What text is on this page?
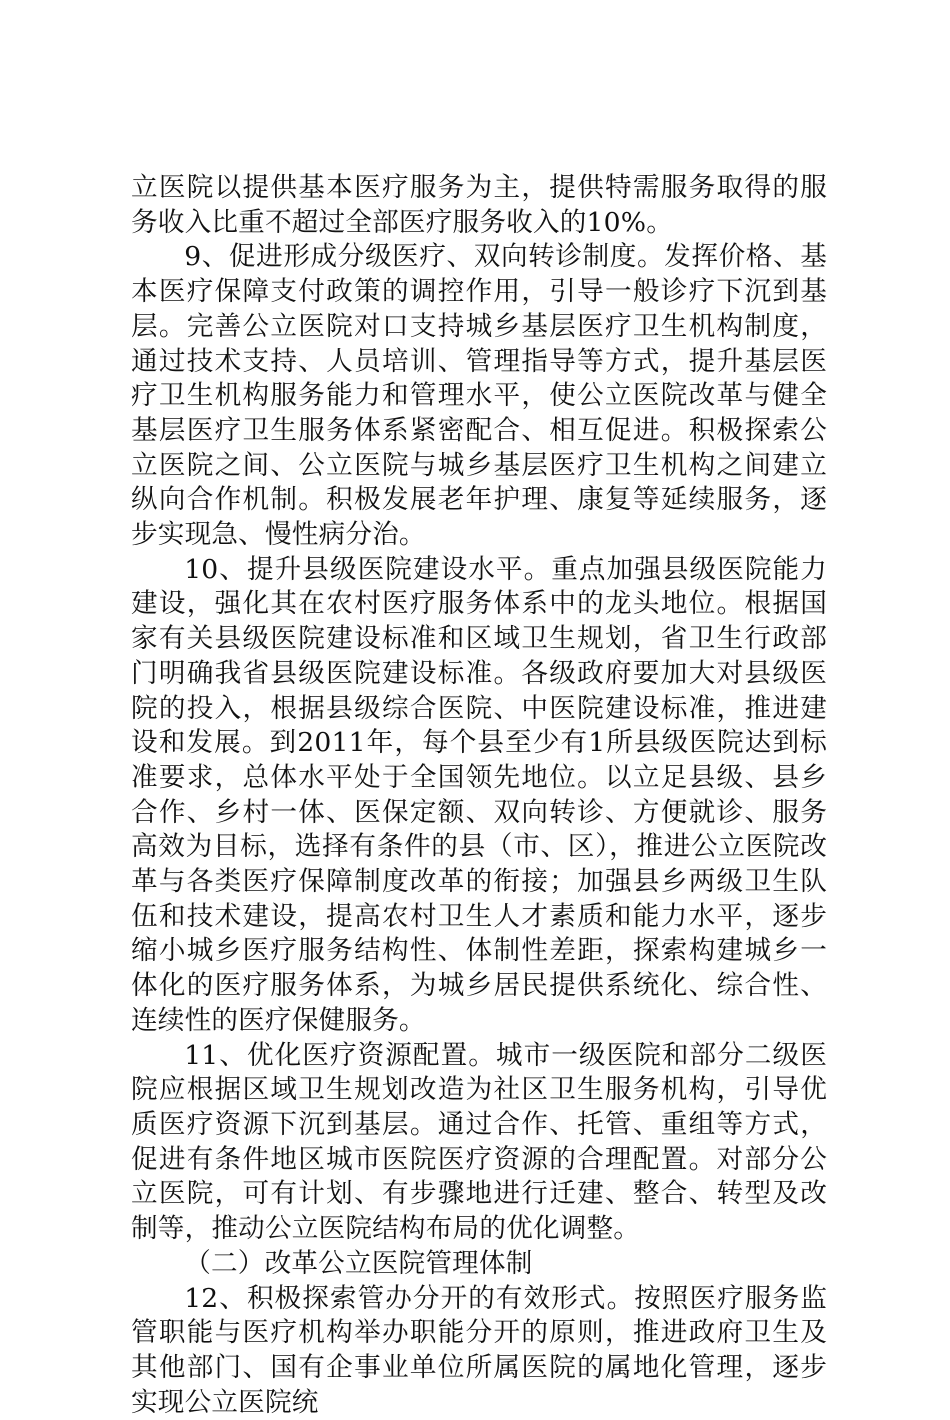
立医院以提供基本医疗服务为主，提供特需服务取得的服务收入比重不超过全部医疗服务收入的10%。

9、促进形成分级医疗、双向转诊制度。发挥价格、基本医疗保障支付政策的调控作用，引导一般诊疗下沉到基层。完善公立医院对口支持城乡基层医疗卫生机构制度，通过技术支持、人员培训、管理指导等方式，提升基层医疗卫生机构服务能力和管理水平，使公立医院改革与健全基层医疗卫生服务体系紧密配合、相互促进。积极探索公立医院之间、公立医院与城乡基层医疗卫生机构之间建立纵向合作机制。积极发展老年护理、康复等延续服务，逐步实现急、慢性病分治。

10、提升县级医院建设水平。重点加强县级医院能力建设，强化其在农村医疗服务体系中的龙头地位。根据国家有关县级医院建设标准和区域卫生规划，省卫生行政部门明确我省县级医院建设标准。各级政府要加大对县级医院的投入，根据县级综合医院、中医院建设标准，推进建设和发展。到2011年，每个县至少有1所县级医院达到标准要求，总体水平处于全国领先地位。以立足县级、县乡合作、乡村一体、医保定额、双向转诊、方便就诊、服务高效为目标，选择有条件的县（市、区），推进公立医院改革与各类医疗保障制度改革的衔接；加强县乡两级卫生队伍和技术建设，提高农村卫生人才素质和能力水平，逐步缩小城乡医疗服务结构性、体制性差距，探索构建城乡一体化的医疗服务体系，为城乡居民提供系统化、综合性、连续性的医疗保健服务。

11、优化医疗资源配置。城市一级医院和部分二级医院应根据区域卫生规划改造为社区卫生服务机构，引导优质医疗资源下沉到基层。通过合作、托管、重组等方式，促进有条件地区城市医院医疗资源的合理配置。对部分公立医院，可有计划、有步骤地进行迁建、整合、转型及改制等，推动公立医院结构布局的优化调整。

（二）改革公立医院管理体制

12、积极探索管办分开的有效形式。按照医疗服务监管职能与医疗机构举办职能分开的原则，推进政府卫生及其他部门、国有企事业单位所属医院的属地化管理，逐步实现公立医院统
